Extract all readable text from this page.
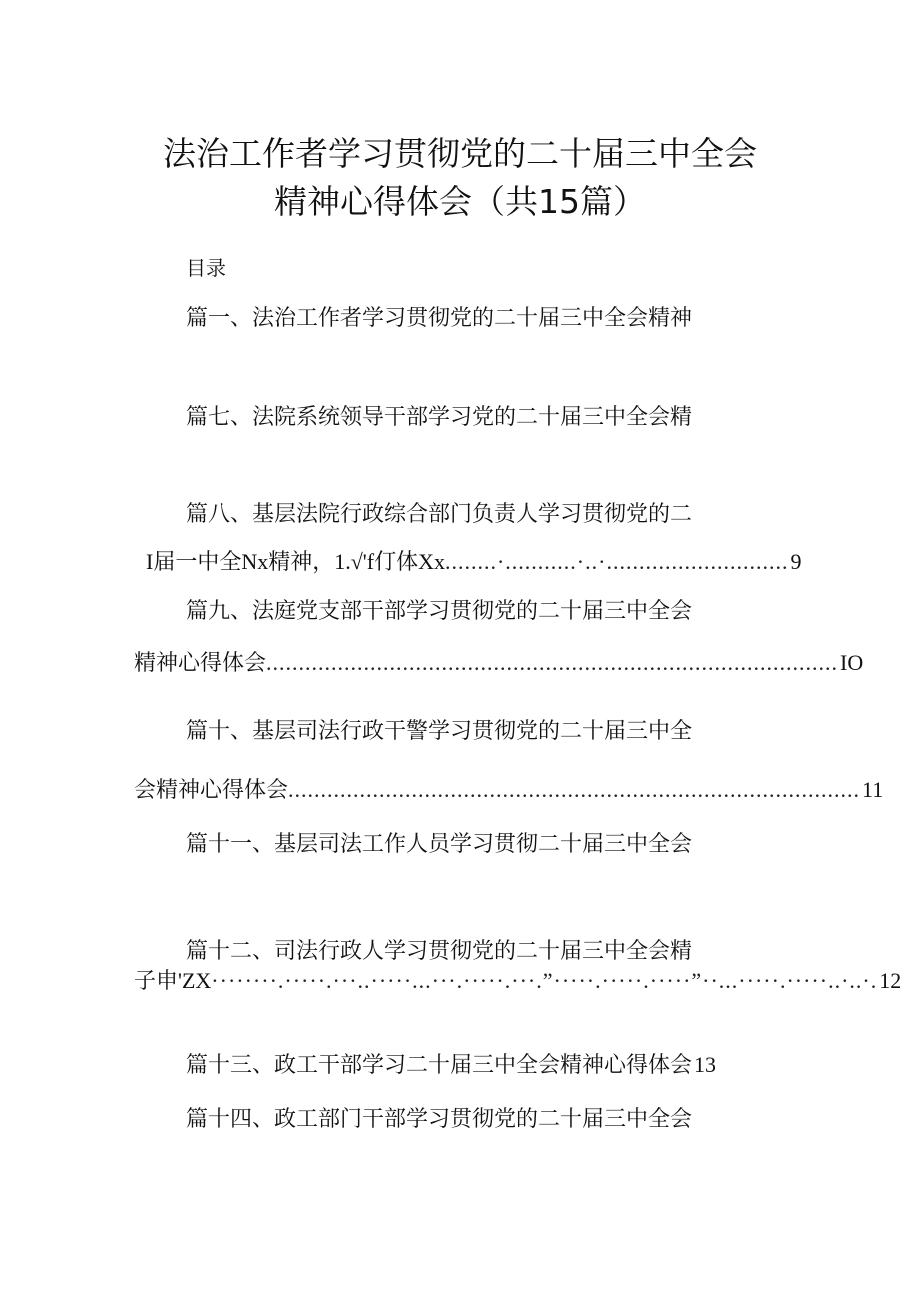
法治工作者学习贯彻党的二十届三中全会
精神心得体会（共15篇）
目录
篇一、法治工作者学习贯彻党的二十届三中全会精神
篇七、法院系统领导干部学习党的二十届三中全会精
篇八、基层法院行政综合部门负责人学习贯彻党的二
I届一中全Nx精神，1.√'f仃体Xx ........·...........·..·............................ 9
篇九、法庭党支部干部学习贯彻党的二十届三中全会
精神心得体会 ........................................................................................ IO
篇十、基层司法行政干警学习贯彻党的二十届三中全
会精神心得体会 ........................................................................................ 11
篇十一、基层司法工作人员学习贯彻二十届三中全会
篇十二、司法行政人学习贯彻党的二十届三中全会精
子申'ZX ········.·····.···..·····...···.·····.···.”·····.·····.·····”··...·····.·····..·..·. 12
篇十三、政工干部学习二十届三中全会精神心得体会 13
篇十四、政工部门干部学习贯彻党的二十届三中全会
